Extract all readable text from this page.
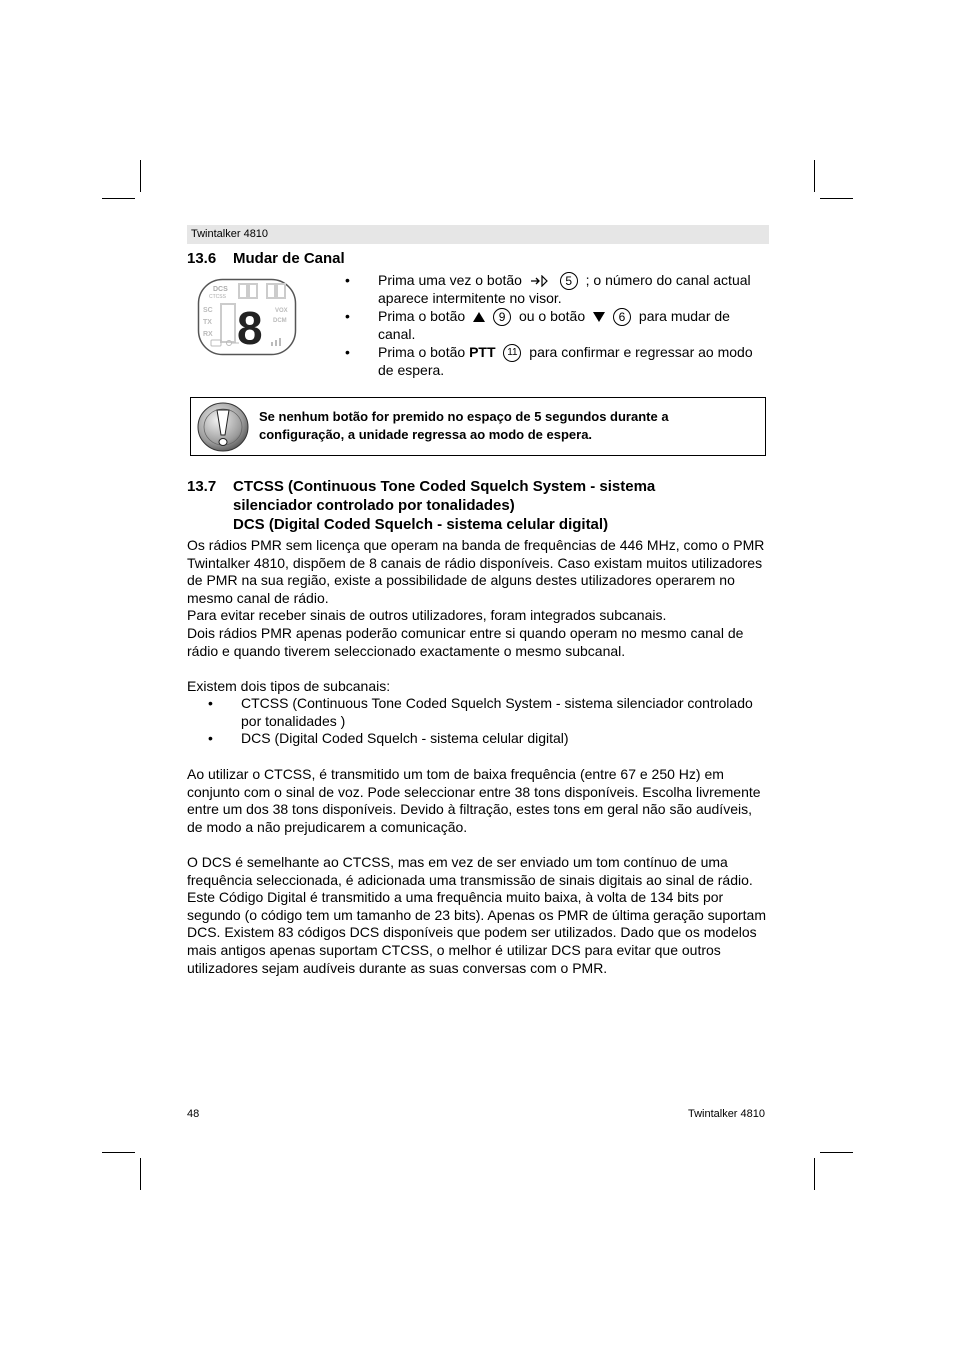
Twintalker 4810
13.6 Mudar de Canal
DCS
CTCSS
SC
TX
RX
VOX
DCM
8
• Prima uma vez o botão	5 ; o número do canal actual aparece intermitente no visor.
• Prima o botão	9 ou o botão	6 para mudar de canal.
• Prima o botão PTT 11 para confirmar e regressar ao modo de espera.
Se nenhum botão for premido no espaço de 5 segundos durante a configuração, a unidade regressa ao modo de espera.
13.7 CTCSS (Continuous Tone Coded Squelch System - sistema
silenciador controlado por tonalidades)
DCS (Digital Coded Squelch - sistema celular digital)
Os rádios PMR sem licença que operam na banda de frequências de 446 MHz, como o PMR Twintalker 4810, dispõem de 8 canais de rádio disponíveis. Caso existam muitos utilizadores de PMR na sua região, existe a possibilidade de alguns destes utilizadores operarem no mesmo canal de rádio.
Para evitar receber sinais de outros utilizadores, foram integrados subcanais.
Dois rádios PMR apenas poderão comunicar entre si quando operam no mesmo canal de rádio e quando tiverem seleccionado exactamente o mesmo subcanal.
Existem dois tipos de subcanais:
• CTCSS (Continuous Tone Coded Squelch System - sistema silenciador controlado por tonalidades )
• DCS (Digital Coded Squelch - sistema celular digital)
Ao utilizar o CTCSS, é transmitido um tom de baixa frequência (entre 67 e 250 Hz) em conjunto com o sinal de voz. Pode seleccionar entre 38 tons disponíveis. Escolha livremente entre um dos 38 tons disponíveis. Devido à filtração, estes tons em geral não são audíveis, de modo a não prejudicarem a comunicação.
O DCS é semelhante ao CTCSS, mas em vez de ser enviado um tom contínuo de uma frequência seleccionada, é adicionada uma transmissão de sinais digitais ao sinal de rádio. Este Código Digital é transmitido a uma frequência muito baixa, à volta de 134 bits por segundo (o código tem um tamanho de 23 bits). Apenas os PMR de última geração suportam DCS. Existem 83 códigos DCS disponíveis que podem ser utilizados. Dado que os modelos mais antigos apenas suportam CTCSS, o melhor é utilizar DCS para evitar que outros utilizadores sejam audíveis durante as suas conversas com o PMR.
48	Twintalker 4810
